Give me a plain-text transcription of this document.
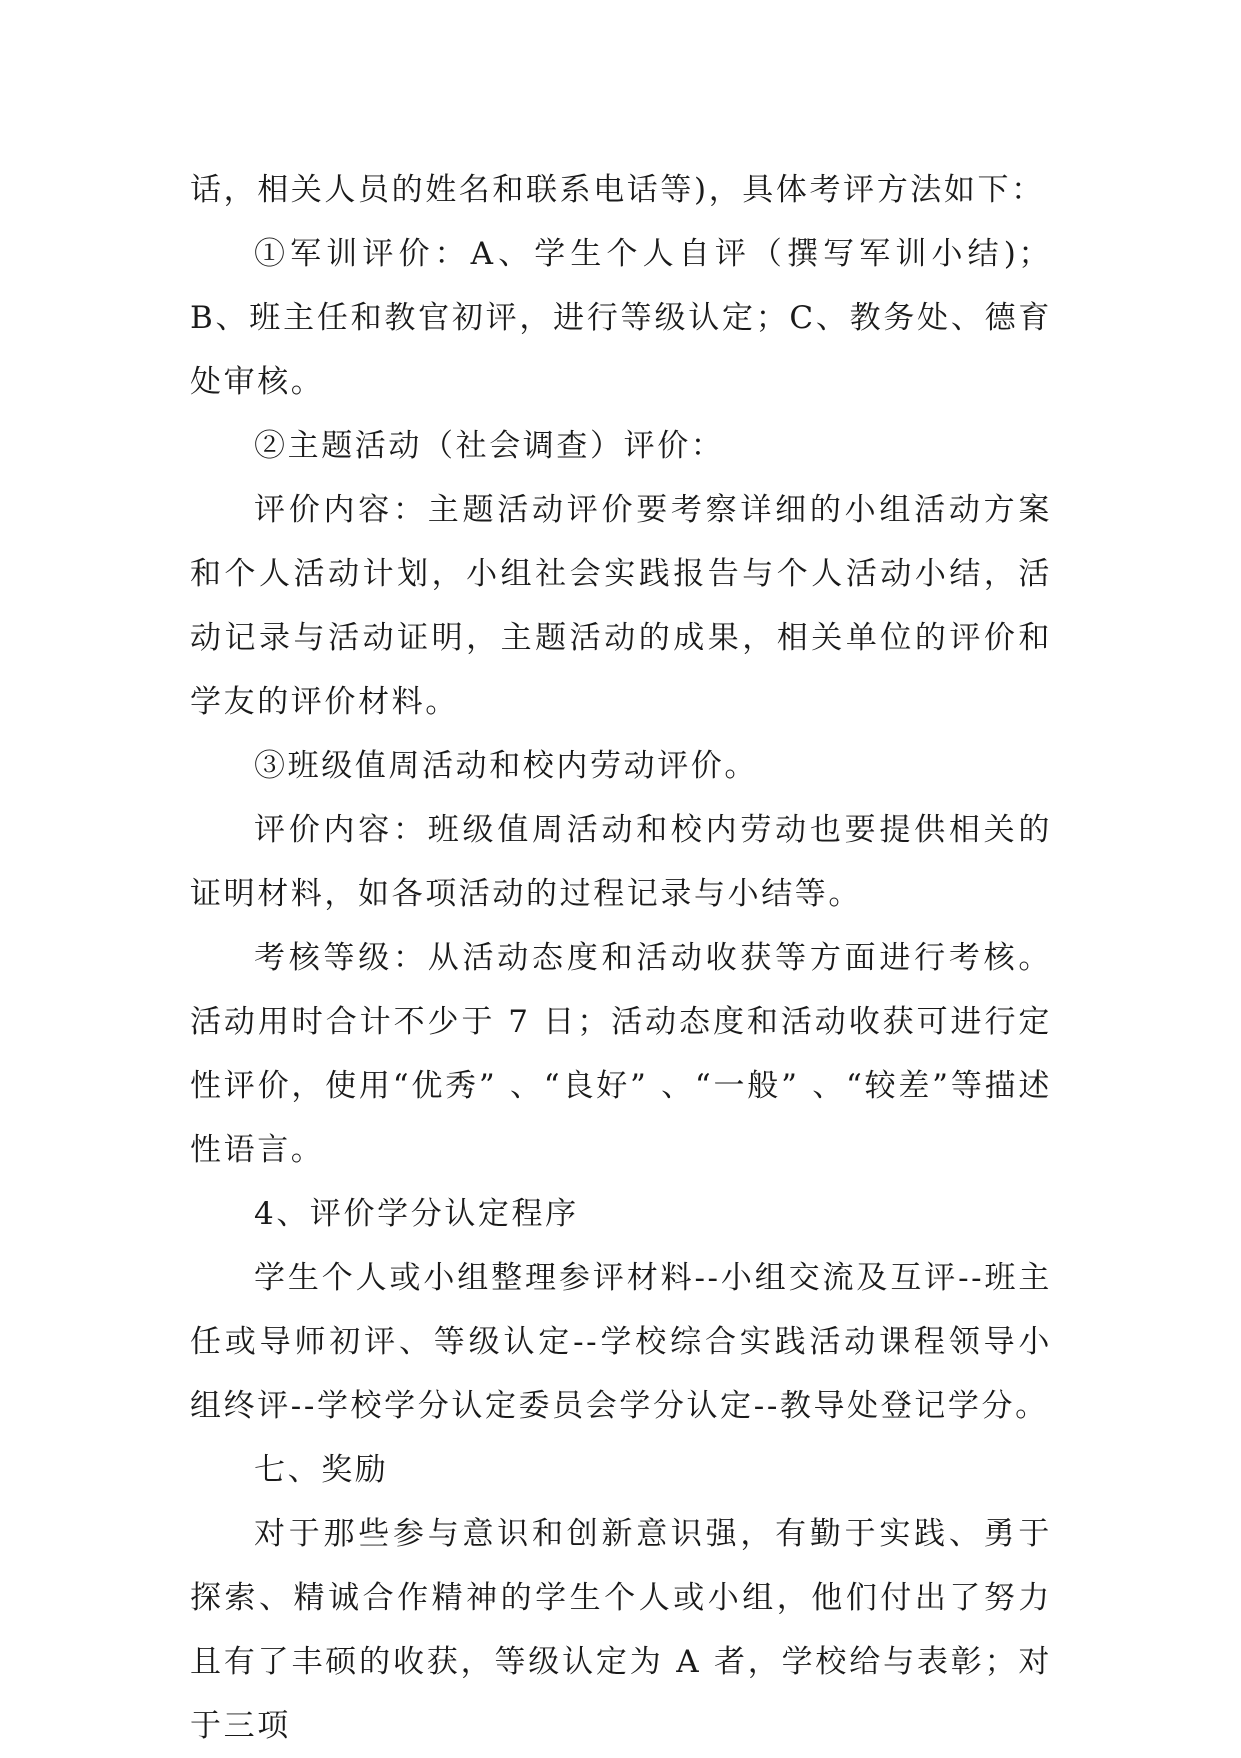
话，相关人员的姓名和联系电话等)，具体考评方法如下：

①军训评价：A、学生个人自评（撰写军训小结)；B、班主任和教官初评，进行等级认定；C、教务处、德育处审核。

②主题活动（社会调查）评价：

评价内容：主题活动评价要考察详细的小组活动方案和个人活动计划，小组社会实践报告与个人活动小结，活动记录与活动证明，主题活动的成果，相关单位的评价和学友的评价材料。

③班级值周活动和校内劳动评价。

评价内容：班级值周活动和校内劳动也要提供相关的证明材料，如各项活动的过程记录与小结等。

考核等级：从活动态度和活动收获等方面进行考核。活动用时合计不少于 7 日；活动态度和活动收获可进行定性评价，使用“优秀” 、“良好” 、“一般” 、“较差”等描述性语言。

4、评价学分认定程序

学生个人或小组整理参评材料--小组交流及互评--班主任或导师初评、等级认定--学校综合实践活动课程领导小组终评--学校学分认定委员会学分认定--教导处登记学分。

七、奖励

对于那些参与意识和创新意识强，有勤于实践、勇于探索、精诚合作精神的学生个人或小组，他们付出了努力且有了丰硕的收获，等级认定为 A 者，学校给与表彰；对于三项
